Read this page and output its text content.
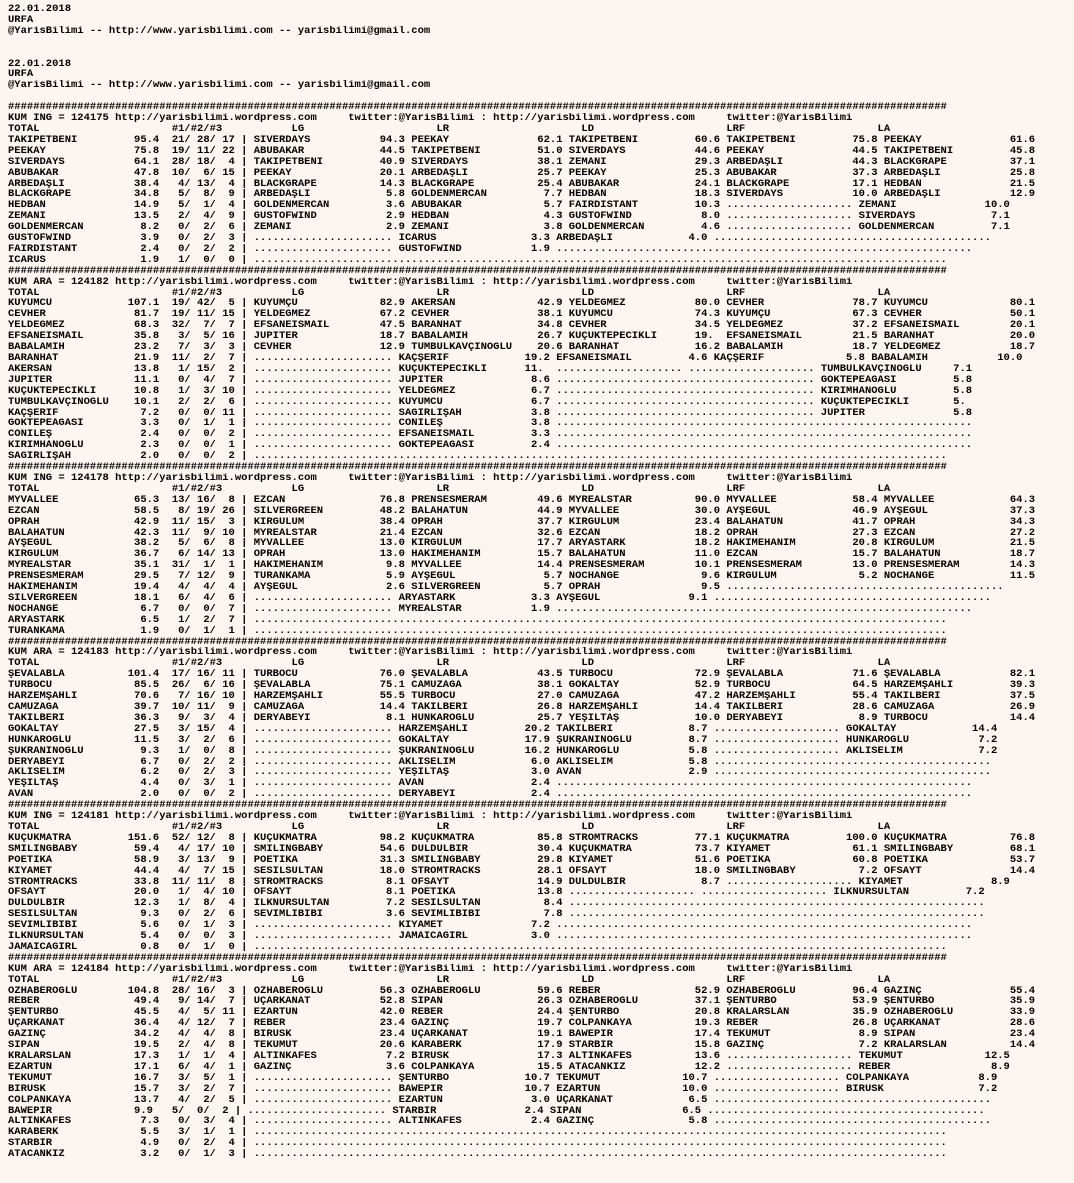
22.01.2018
URFA
@YarisBilimi -- http://www.yarisbilimi.com -- yarisbilimi@gmail.com

22.01.2018
URFA
@YarisBilimi -- http://www.yarisbilimi.com -- yarisbilimi@gmail.com

#####################################################################################################################################################
KUM ING = 124175 http://yarisbilimi.wordpress.com     twitter:@YarisBilimi : http://yarisbilimi.wordpress.com     twitter:@YarisBilimi
TOTAL                     #1/#2/#3           LG                     LR                     LD                     LRF                     LA
TAKİPETBENİ         95.4  21/ 28/ 17 | SIVERDAYS           94.3 PEEKAY              62.1 TAKİPETBENİ         60.6 TAKİPETBENİ         75.8 PEEKAY              61.6
PEEKAY              75.8  19/ 11/ 22 | ABUBAKAR            44.5 TAKİPETBENİ         51.0 SIVERDAYS           44.6 PEEKAY              44.5 TAKİPETBENİ         45.8
SIVERDAYS           64.1  28/ 18/  4 | TAKİPETBENİ         40.9 SIVERDAYS           38.1 ZEMANİ              29.3 ARBEDAŞLI           44.3 BLACKGRAPE          37.1
ABUBAKAR            47.8  10/  6/ 15 | PEEKAY              20.1 ARBEDAŞLI           25.7 PEEKAY              25.3 ABUBAKAR            37.3 ARBEDAŞLI           25.8
ARBEDAŞLI           38.4   4/ 13/  4 | BLACKGRAPE          14.3 BLACKGRAPE          25.4 ABUBAKAR            24.1 BLACKGRAPE          17.1 HEDBAN              21.5
BLACKGRAPE          34.8   5/  8/  9 | ARBEDAŞLI            5.8 GOLDENMERCAN         7.7 HEDBAN              18.3 SIVERDAYS           10.0 ARBEDAŞLI           12.9
HEDBAN              14.9   5/  1/  4 | GOLDENMERCAN         3.6 ABUBAKAR             5.7 FAIRDISTANT         10.3 .................... ZEMANİ              10.0
ZEMANİ              13.5   2/  4/  9 | GUSTOFWIND           2.9 HEDBAN               4.3 GUSTOFWIND           8.0 .................... SIVERDAYS            7.1
GOLDENMERCAN         8.2   0/  2/  6 | ZEMANİ               2.9 ZEMANİ               3.8 GOLDENMERCAN         4.6 .................... GOLDENMERCAN         7.1
GUSTOFWIND           3.9   0/  2/  3 | ...................... ICARUS               3.3 ARBEDAŞLI            4.0 ............................................
FAIRDISTANT          2.4   0/  2/  2 | ...................... GUSTOFWIND           1.9 ..................................................................
ICARUS               1.9   1/  0/  0 | ..............................................................................................................
#####################################################################################################################################################
KUM ARA = 124182 http://yarisbilimi.wordpress.com     twitter:@YarisBilimi : http://yarisbilimi.wordpress.com     twitter:@YarisBilimi
TOTAL                     #1/#2/#3           LG                     LR                     LD                     LRF                     LA
KUYUMCU            107.1  19/ 42/  5 | KUYUMÇU             82.9 AKERSAN             42.9 YELDEĞMEZ           80.0 CEVHER              78.7 KUYUMCU             80.1
CEVHER              81.7  19/ 11/ 15 | YELDEĞMEZ           67.2 CEVHER              38.1 KUYUMCU             74.3 KUYUMÇU             67.3 CEVHER              50.1
YELDEĞMEZ           68.3  32/  7/  7 | EFSANEİSMAİL        47.5 BARANHAT            34.8 CEVHER              34.5 YELDEĞMEZ           37.2 EFSANEİSMAİL        20.1
EFSANEİSMAİL        35.8   3/  5/ 16 | JUPİTER             18.7 BABALAMİH           26.7 KÜÇÜKTEPECİKLİ      19.  EFSANEİSMAİL        21.5 BARANHAT            20.0
BABALAMİH           23.2   7/  3/  3 | CEVHER              12.9 TUMBULKAVÇİNOĞLU    20.6 BARANHAT            16.2 BABALAMİH           18.7 YELDEĞMEZ           18.7
BARANHAT            21.9  11/  2/  7 | ...................... KAÇŞERİF            19.2 EFSANEİSMAİL         4.6 KAÇŞERİF             5.8 BABALAMİH           10.0
AKERSAN             13.8   1/ 15/  2 | ...................... KÜÇÜKTEPECİKLİ      11.  .................... .................... TUMBULKAVÇİNOĞLU     7.1
JUPİTER             11.1   0/  4/  7 | ...................... JUPİTER              8.6 ......................................... GÖKTEPEAĞASI         5.8
KÜÇÜKTEPECİKLİ      10.8   1/  3/ 10 | ...................... YELDEĞMEZ            6.7 ......................................... KIRIMHANOĞLU         5.8
TUMBULKAVÇİNOĞLU    10.1   2/  2/  6 | ...................... KUYUMCU              6.7 ......................................... KÜÇÜKTEPECİKLİ       5.
KAÇŞERİF             7.2   0/  0/ 11 | ...................... SAĞIRLIŞAH           3.8 ......................................... JUPİTER              5.8
GÖKTEPEAĞASI         3.3   0/  1/  1 | ...................... CONİLEŞ              3.8 ..................................................................
CONİLEŞ              2.4   0/  0/  2 | ...................... EFSANEİSMAİL         3.3 ..................................................................
KIRIMHANOĞLU         2.3   0/  0/  1 | ...................... GÖKTEPEAĞASI         2.4 ..................................................................
SAĞIRLIŞAH           2.0   0/  0/  2 | ..............................................................................................................
#####################################################################################################################################################
KUM ING = 124178 http://yarisbilimi.wordpress.com     twitter:@YarisBilimi : http://yarisbilimi.wordpress.com     twitter:@YarisBilimi
TOTAL                     #1/#2/#3           LG                     LR                     LD                     LRF                     LA
MYVALLEE            65.3  13/ 16/  8 | EZCAN               76.8 PRENSESMERAM        49.6 MYREALSTAR          90.0 MYVALLEE            58.4 MYVALLEE            64.3
EZCAN               58.5   8/ 19/ 26 | SILVERGREEN         48.2 BALAHATUN           44.9 MYVALLEE            30.0 AYŞEGÜL             46.9 AYŞEGÜL             37.3
OPRAH               42.9  11/ 15/  3 | KIRGULÜM            38.4 OPRAH               37.7 KIRGULÜM            23.4 BALAHATUN           41.7 OPRAH               34.3
BALAHATUN           42.3  11/  9/ 10 | MYREALSTAR          21.4 EZCAN               32.6 EZCAN               18.2 OPRAH               27.3 EZCAN               27.2
AYŞEGÜL             38.2   5/  6/  8 | MYVALLEE            13.0 KIRGULÜM            17.7 ARYASTARK           18.2 HAKİMEHANIM         20.8 KIRGULÜM            21.5
KIRGULÜM            36.7   6/ 14/ 13 | OPRAH               13.0 HAKİMEHANIM         15.7 BALAHATUN           11.0 EZCAN               15.7 BALAHATUN           18.7
MYREALSTAR          35.1  31/  1/  1 | HAKİMEHANIM          9.8 MYVALLEE            14.4 PRENSESMERAM        10.1 PRENSESMERAM        13.0 PRENSESMERAM        14.3
PRENSESMERAM        29.5   7/ 12/  9 | TURANKAMA            5.9 AYŞEGÜL              5.7 NOCHANGE             9.6 KIRGULÜM             5.2 NOCHANGE            11.5
HAKİMEHANIM         19.4   4/  4/  4 | AYŞEGÜL              2.6 SILVERGREEN          5.7 OPRAH                9.5 ............................................
SILVERGREEN         18.1   6/  4/  6 | ...................... ARYASTARK            3.3 AYŞEGÜL              9.1 ............................................
NOCHANGE             6.7   0/  0/  7 | ...................... MYREALSTAR           1.9 ..................................................................
ARYASTARK            6.5   1/  2/  7 | ..............................................................................................................
TURANKAMA            1.9   0/  1/  1 | ..............................................................................................................
#####################################################################################################################################################
KUM ARA = 124183 http://yarisbilimi.wordpress.com     twitter:@YarisBilimi : http://yarisbilimi.wordpress.com     twitter:@YarisBilimi
TOTAL                     #1/#2/#3           LG                     LR                     LD                     LRF                     LA
ŞEVALABLA          101.4  17/ 16/ 11 | TURBOCU             76.0 ŞEVALABLA           43.5 TURBOCU             72.9 ŞEVALABLA           71.6 ŞEVALABLA           82.1
TURBOCU             85.5  26/  6/ 16 | ŞEVALABLA           75.1 CAMUZAĞA            38.1 GÖKALTAY            52.9 TURBOCU             64.5 HARZEMŞAHLI         39.3
HARZEMŞAHLI         70.6   7/ 16/ 10 | HARZEMŞAHLI         55.5 TURBOCU             27.0 CAMUZAĞA            47.2 HARZEMŞAHLI         55.4 TAKILBERİ           37.5
CAMUZAĞA            39.7  10/ 11/  9 | CAMUZAĞA            14.4 TAKILBERİ           26.8 HARZEMŞAHLI         14.4 TAKILBERİ           28.6 CAMUZAĞA            26.9
TAKILBERİ           36.3   9/  3/  4 | DERYABEYİ            8.1 HUNKAROĞLU          25.7 YEŞİLTAŞ            10.0 DERYABEYİ            8.9 TURBOCU             14.4
GÖKALTAY            27.5   3/ 15/  4 | ...................... HARZEMŞAHLI         20.2 TAKILBERİ            8.7 .................... GÖKALTAY            14.4
HUNKAROĞLU          11.5   3/  2/  6 | ...................... GÖKALTAY            17.9 ŞUKRANINOĞLU         8.7 .................... HUNKAROĞLU           7.2
ŞUKRANINOĞLU         9.3   1/  0/  8 | ...................... ŞUKRANINOĞLU        16.2 HUNKAROĞLU           5.8 .................... AKLISELIM            7.2
DERYABEYİ            6.7   0/  2/  2 | ...................... AKLISELIM            6.0 AKLISELIM            5.8 ............................................
AKLISELIM            6.2   0/  2/  3 | ...................... YEŞİLTAŞ             3.0 AVAN                 2.9 ............................................
YEŞİLTAŞ             4.4   0/  3/  1 | ...................... AVAN                 2.4 ..................................................................
AVAN                 2.0   0/  0/  2 | ...................... DERYABEYİ            2.4 ..................................................................
#####################################################################################################################################################
KUM ING = 124181 http://yarisbilimi.wordpress.com     twitter:@YarisBilimi : http://yarisbilimi.wordpress.com     twitter:@YarisBilimi
TOTAL                     #1/#2/#3           LG                     LR                     LD                     LRF                     LA
KÜÇÜKMATRA         151.6  52/ 12/  8 | KÜÇÜKMATRA          98.2 KÜÇÜKMATRA          85.8 STROMTRACKS         77.1 KÜÇÜKMATRA         100.0 KÜÇÜKMATRA          76.8
SMILINGBABY         59.4   4/ 17/ 10 | SMILINGBABY         54.6 DULDULBİR           30.4 KÜÇÜKMATRA          73.7 KIYAMET             61.1 SMILINGBABY         68.1
POETIKA             58.9   3/ 13/  9 | POETIKA             31.3 SMILINGBABY         29.8 KIYAMET             51.6 POETIKA             60.8 POETIKA             53.7
KIYAMET             44.4   4/  7/ 15 | SESİLSULTAN         18.0 STROMTRACKS         28.1 OFSAYT              18.0 SMILINGBABY          7.2 OFSAYT              14.4
STROMTRACKS         33.8  11/ 11/  8 | STROMTRACKS          8.1 OFSAYT              14.9 DULDULBİR            8.7 .................... KIYAMET              8.9
OFSAYT              20.0   1/  4/ 10 | OFSAYT               8.1 POETIKA             13.8 .................... .................... İLKNURSULTAN         7.2
DULDULBİR           12.3   1/  8/  4 | İLKNURSULTAN         7.2 SESİLSULTAN          8.4 ..................................................................
SESİLSULTAN          9.3   0/  2/  6 | SEVİMLİBİBİ          3.6 SEVİMLİBİBİ          7.8 ..................................................................
SEVİMLİBİBİ          5.6   0/  1/  3 | ...................... KIYAMET              7.2 ..................................................................
İLKNURSULTAN         5.4   0/  0/  3 | ...................... JAMAICAGIRL          3.0 ..................................................................
JAMAICAGIRL          0.8   0/  1/  0 | ..............................................................................................................
#####################################################################################################################################################
KUM ARA = 124184 http://yarisbilimi.wordpress.com     twitter:@YarisBilimi : http://yarisbilimi.wordpress.com     twitter:@YarisBilimi
TOTAL                     #1/#2/#3           LG                     LR                     LD                     LRF                     LA
ÖZHABEROĞLU        104.8  28/ 16/  3 | ÖZHABEROĞLU         56.3 ÖZHABEROĞLU         59.6 REBER               52.9 ÖZHABEROĞLU         96.4 GAZİNÇ              55.4
REBER               49.4   9/ 14/  7 | UÇARKANAT           52.8 SİPAN               26.3 ÖZHABEROĞLU         37.1 ŞENTURBO            53.9 ŞENTURBO            35.9
ŞENTURBO            45.5   4/  5/ 11 | EZARTUN             42.0 REBER               24.4 ŞENTURBO            20.8 KRALARSLAN          35.9 ÖZHABEROĞLU         33.9
UÇARKANAT           36.4   4/ 12/  7 | REBER               23.4 GAZİNÇ              19.7 COLPANKAYA          19.3 REBER               26.8 UÇARKANAT           28.6
GAZİNÇ              34.2   4/  4/  8 | BIRUSK              23.4 UÇARKANAT           19.1 BAWEPİR             17.4 TEKUMUT              8.9 SİPAN               23.4
SİPAN               19.5   2/  4/  8 | TEKUMUT             20.6 KARABERK            17.9 STARBİR             15.8 GAZİNÇ               7.2 KRALARSLAN          14.4
KRALARSLAN          17.3   1/  1/  4 | ALTINKAFES           7.2 BIRUSK              17.3 ALTINKAFES          13.6 .................... TEKUMUT             12.5
EZARTUN             17.1   6/  4/  1 | GAZİNÇ               3.6 COLPANKAYA          15.5 ATACANKIZ           12.2 .................... REBER                8.9
TEKUMUT             16.7   3/  5/  1 | ...................... ŞENTURBO            10.7 TEKUMUT             10.7 .................... COLPANKAYA           8.9
BIRUSK              15.7   3/  2/  7 | ...................... BAWEPİR             10.7 EZARTUN             10.0 .................... BIRUSK               7.2
COLPANKAYA          13.7   4/  2/  5 | ...................... EZARTUN              3.0 UÇARKANAT            6.5 ............................................
BAWEPİR             9.9   5/  0/  2 | ...................... STARBİR              2.4 SİPAN                6.5 ............................................
ALTINKAFES           7.3   0/  3/  4 | ...................... ALTINKAFES           2.4 GAZİNÇ               5.8 ............................................
KARABERK             5.5   3/  1/  1 | ..............................................................................................................
STARBİR              4.9   0/  2/  4 | ..............................................................................................................
ATACANKIZ            3.2   0/  1/  3 | ..............................................................................................................
